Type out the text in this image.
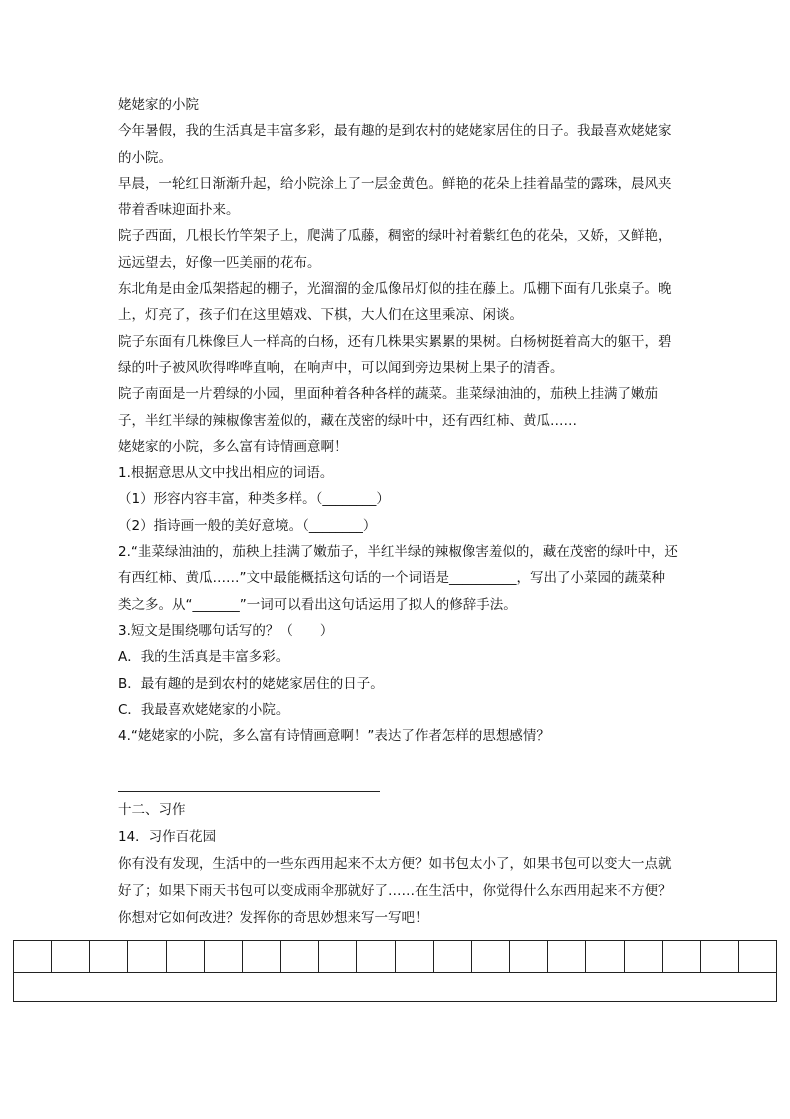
姥姥家的小院

今年暑假，我的生活真是丰富多彩，最有趣的是到农村的姥姥家居住的日子。我最喜欢姥姥家的小院。

早晨，一轮红日渐渐升起，给小院涂上了一层金黄色。鲜艳的花朵上挂着晶莹的露珠，晨风夹带着香味迎面扑来。

院子西面，几根长竹竿架子上，爬满了瓜藤，稠密的绿叶衬着紫红色的花朵，又娇，又鲜艳，远远望去，好像一匹美丽的花布。

东北角是由金瓜架搭起的棚子，光溜溜的金瓜像吊灯似的挂在藤上。瓜棚下面有几张桌子。晚上，灯亮了，孩子们在这里嬉戏、下棋，大人们在这里乘凉、闲谈。

院子东面有几株像巨人一样高的白杨，还有几株果实累累的果树。白杨树挺着高大的躯干，碧绿的叶子被风吹得哗哗直响，在响声中，可以闻到旁边果树上果子的清香。

院子南面是一片碧绿的小园，里面种着各种各样的蔬菜。韭菜绿油油的，茄秧上挂满了嫩茄子，半红半绿的辣椒像害羞似的，藏在茂密的绿叶中，还有西红柿、黄瓜……

姥姥家的小院，多么富有诗情画意啊！

1.根据意思从文中找出相应的词语。

（1）形容内容丰富，种类多样。（________）

（2）指诗画一般的美好意境。（________）

2.“韭菜绿油油的，茄秧上挂满了嫩茄子，半红半绿的辣椒像害羞似的，藏在茂密的绿叶中，还有西红柿、黄瓜……”文中最能概括这句话的一个词语是__________，写出了小菜园的蔬菜种类之多。从“_______”一词可以看出这句话运用了拟人的修辞手法。

3.短文是围绕哪句话写的？（　　）

A．我的生活真是丰富多彩。

B．最有趣的是到农村的姥姥家居住的日子。

C．我最喜欢姥姥家的小院。

4.“姥姥家的小院，多么富有诗情画意啊！”表达了作者怎样的思想感情？

十二、习作

14．习作百花园

你有没有发现，生活中的一些东西用起来不太方便？如书包太小了，如果书包可以变大一点就好了；如果下雨天书包可以变成雨伞那就好了……在生活中，你觉得什么东西用起来不方便？你想对它如何改进？发挥你的奇思妙想来写一写吧！
